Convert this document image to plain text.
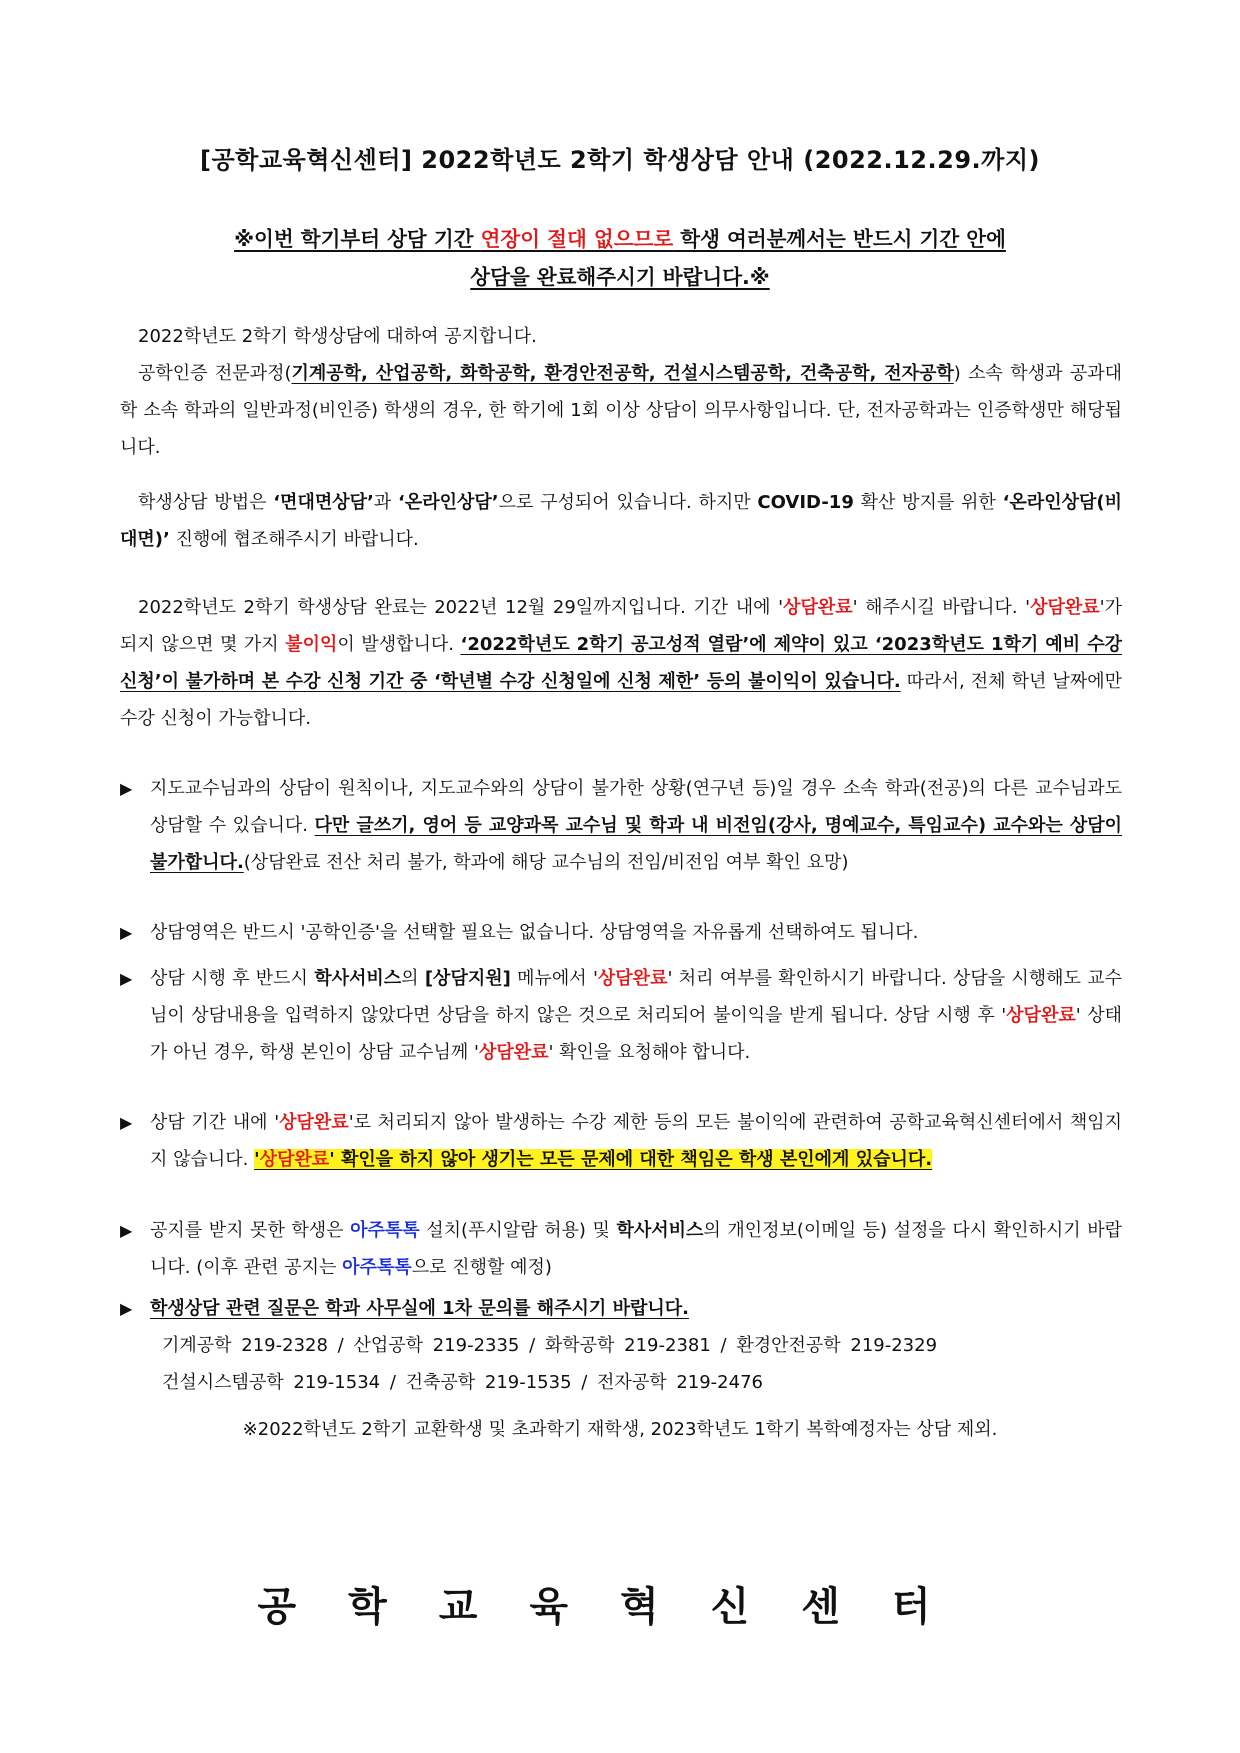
[공학교육혁신센터] 2022학년도 2학기 학생상담 안내 (2022.12.29.까지)
※이번 학기부터 상담 기간 연장이 절대 없으므로 학생 여러분께서는 반드시 기간 안에
상담을 완료해주시기 바랍니다.※
2022학년도 2학기 학생상담에 대하여 공지합니다.
공학인증 전문과정(기계공학, 산업공학, 화학공학, 환경안전공학, 건설시스템공학, 건축공학, 전자공학) 소속 학생과 공과대학 소속 학과의 일반과정(비인증) 학생의 경우, 한 학기에 1회 이상 상담이 의무사항입니다. 단, 전자공학과는 인증학생만 해당됩니다.
학생상담 방법은 ‘면대면상담’과 ‘온라인상담’으로 구성되어 있습니다. 하지만 COVID-19 확산 방지를 위한 ‘온라인상담(비대면)’ 진행에 협조해주시기 바랍니다.
2022학년도 2학기 학생상담 완료는 2022년 12월 29일까지입니다. 기간 내에 '상담완료' 해주시길 바랍니다. '상담완료'가 되지 않으면 몇 가지 불이익이 발생합니다. ‘2022학년도 2학기 공고성적 열람’에 제약이 있고 ‘2023학년도 1학기 예비 수강 신청’이 불가하며 본 수강 신청 기간 중 ‘학년별 수강 신청일에 신청 제한’ 등의 불이익이 있습니다. 따라서, 전체 학년 날짜에만 수강 신청이 가능합니다.
▶ 지도교수님과의 상담이 원칙이나, 지도교수와의 상담이 불가한 상황(연구년 등)일 경우 소속 학과(전공)의 다른 교수님과도 상담할 수 있습니다. 다만 글쓰기, 영어 등 교양과목 교수님 및 학과 내 비전임(강사, 명예교수, 특임교수) 교수와는 상담이 불가합니다.(상담완료 전산 처리 불가, 학과에 해당 교수님의 전임/비전임 여부 확인 요망)
▶ 상담영역은 반드시 '공학인증'을 선택할 필요는 없습니다. 상담영역을 자유롭게 선택하여도 됩니다.
▶ 상담 시행 후 반드시 학사서비스의 [상담지원] 메뉴에서 '상담완료' 처리 여부를 확인하시기 바랍니다. 상담을 시행해도 교수님이 상담내용을 입력하지 않았다면 상담을 하지 않은 것으로 처리되어 불이익을 받게 됩니다. 상담 시행 후 '상담완료' 상태가 아닌 경우, 학생 본인이 상담 교수님께 '상담완료' 확인을 요청해야 합니다.
▶ 상담 기간 내에 '상담완료'로 처리되지 않아 발생하는 수강 제한 등의 모든 불이익에 관련하여 공학교육혁신센터에서 책임지지 않습니다. '상담완료' 확인을 하지 않아 생기는 모든 문제에 대한 책임은 학생 본인에게 있습니다.
▶ 공지를 받지 못한 학생은 아주톡톡 설치(푸시알람 허용) 및 학사서비스의 개인정보(이메일 등) 설정을 다시 확인하시기 바랍니다. (이후 관련 공지는 아주톡톡으로 진행할 예정)
▶ 학생상담 관련 질문은 학과 사무실에 1차 문의를 해주시기 바랍니다.
기계공학 219-2328 / 산업공학 219-2335 / 화학공학 219-2381 / 환경안전공학 219-2329
건설시스템공학 219-1534 / 건축공학 219-1535 / 전자공학 219-2476
※2022학년도 2학기 교환학생 및 초과학기 재학생, 2023학년도 1학기 복학예정자는 상담 제외.
공학교육혁신센터
